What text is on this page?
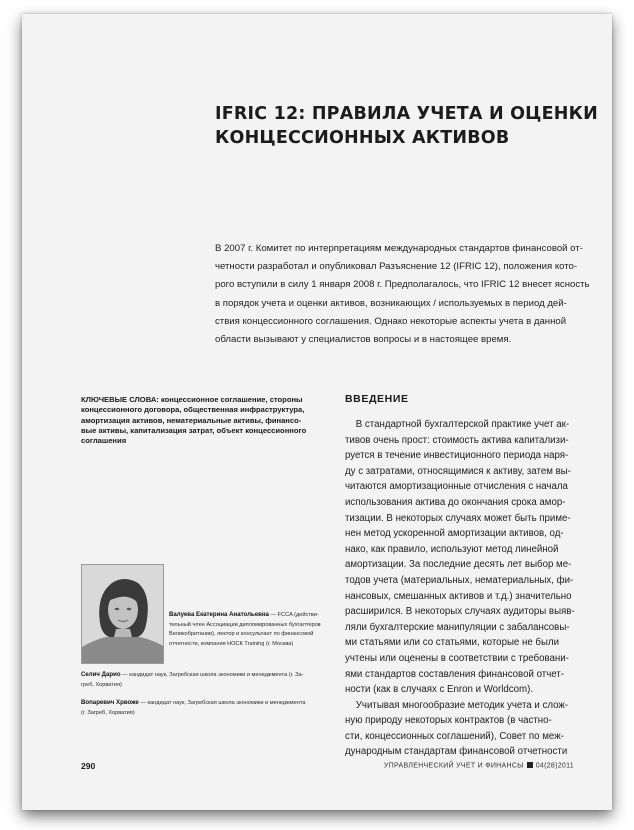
IFRIC 12: ПРАВИЛА УЧЕТА И ОЦЕНКИ
КОНЦЕССИОННЫХ АКТИВОВ
В 2007 г. Комитет по интерпретациям международных стандартов финансовой от-
четности разработал и опубликовал Разъяснение 12 (IFRIC 12), положения кото-
рого вступили в силу 1 января 2008 г. Предполагалось, что IFRIC 12 внесет ясность
в порядок учета и оценки активов, возникающих / используемых в период дей-
ствия концессионного соглашения. Однако некоторые аспекты учета в данной
области вызывают у специалистов вопросы и в настоящее время.
КЛЮЧЕВЫЕ СЛОВА: концессионное соглашение, стороны
концессионного договора, общественная инфраструктура,
амортизация активов, нематериальные активы, финансо-
вые активы, капитализация затрат, объект концессионного
соглашения
ВВЕДЕНИЕ
В стандартной бухгалтерской практике учет ак-
тивов очень прост: стоимость актива капитализи-
руется в течение инвестиционного периода наря-
ду с затратами, относящимися к активу, затем вы-
читаются амортизационные отчисления с начала
использования актива до окончания срока амор-
тизации. В некоторых случаях может быть приме-
нен метод ускоренной амортизации активов, од-
нако, как правило, используют метод линейной
амортизации. За последние десять лет выбор ме-
тодов учета (материальных, нематериальных, фи-
нансовых, смешанных активов и т.д.) значительно
расширился. В некоторых случаях аудиторы выяв-
ляли бухгалтерские манипуляции с забалансовы-
ми статьями или со статьями, которые не были
учтены или оценены в соответствии с требовани-
ями стандартов составления финансовой отчет-
ности (как в случаях с Enron и Worldcom).
Учитывая многообразие методик учета и слож-
ную природу некоторых контрактов (в частно-
сти, концессионных соглашений), Совет по меж-
дународным стандартам финансовой отчетности
Валуева Екатерина Анатольевна — FCCA (действи-
тельный член Ассоциации дипломированных бухгалтеров
Великобритании), лектор и консультант по финансовой
отчетности, компания НОСК Training (г. Москва)
Селич Дарио — кандидат наук, Загребская школа экономики и менеджмента (г. За-
греб, Хорватия)
Вопаревич Хрвоже — кандидат наук, Загребская школа экономики и менеджмента
(г. Загреб, Хорватия)
290	УПРАВЛЕНЧЕСКИЙ УЧЕТ И ФИНАНСЫ 04(28)2011
